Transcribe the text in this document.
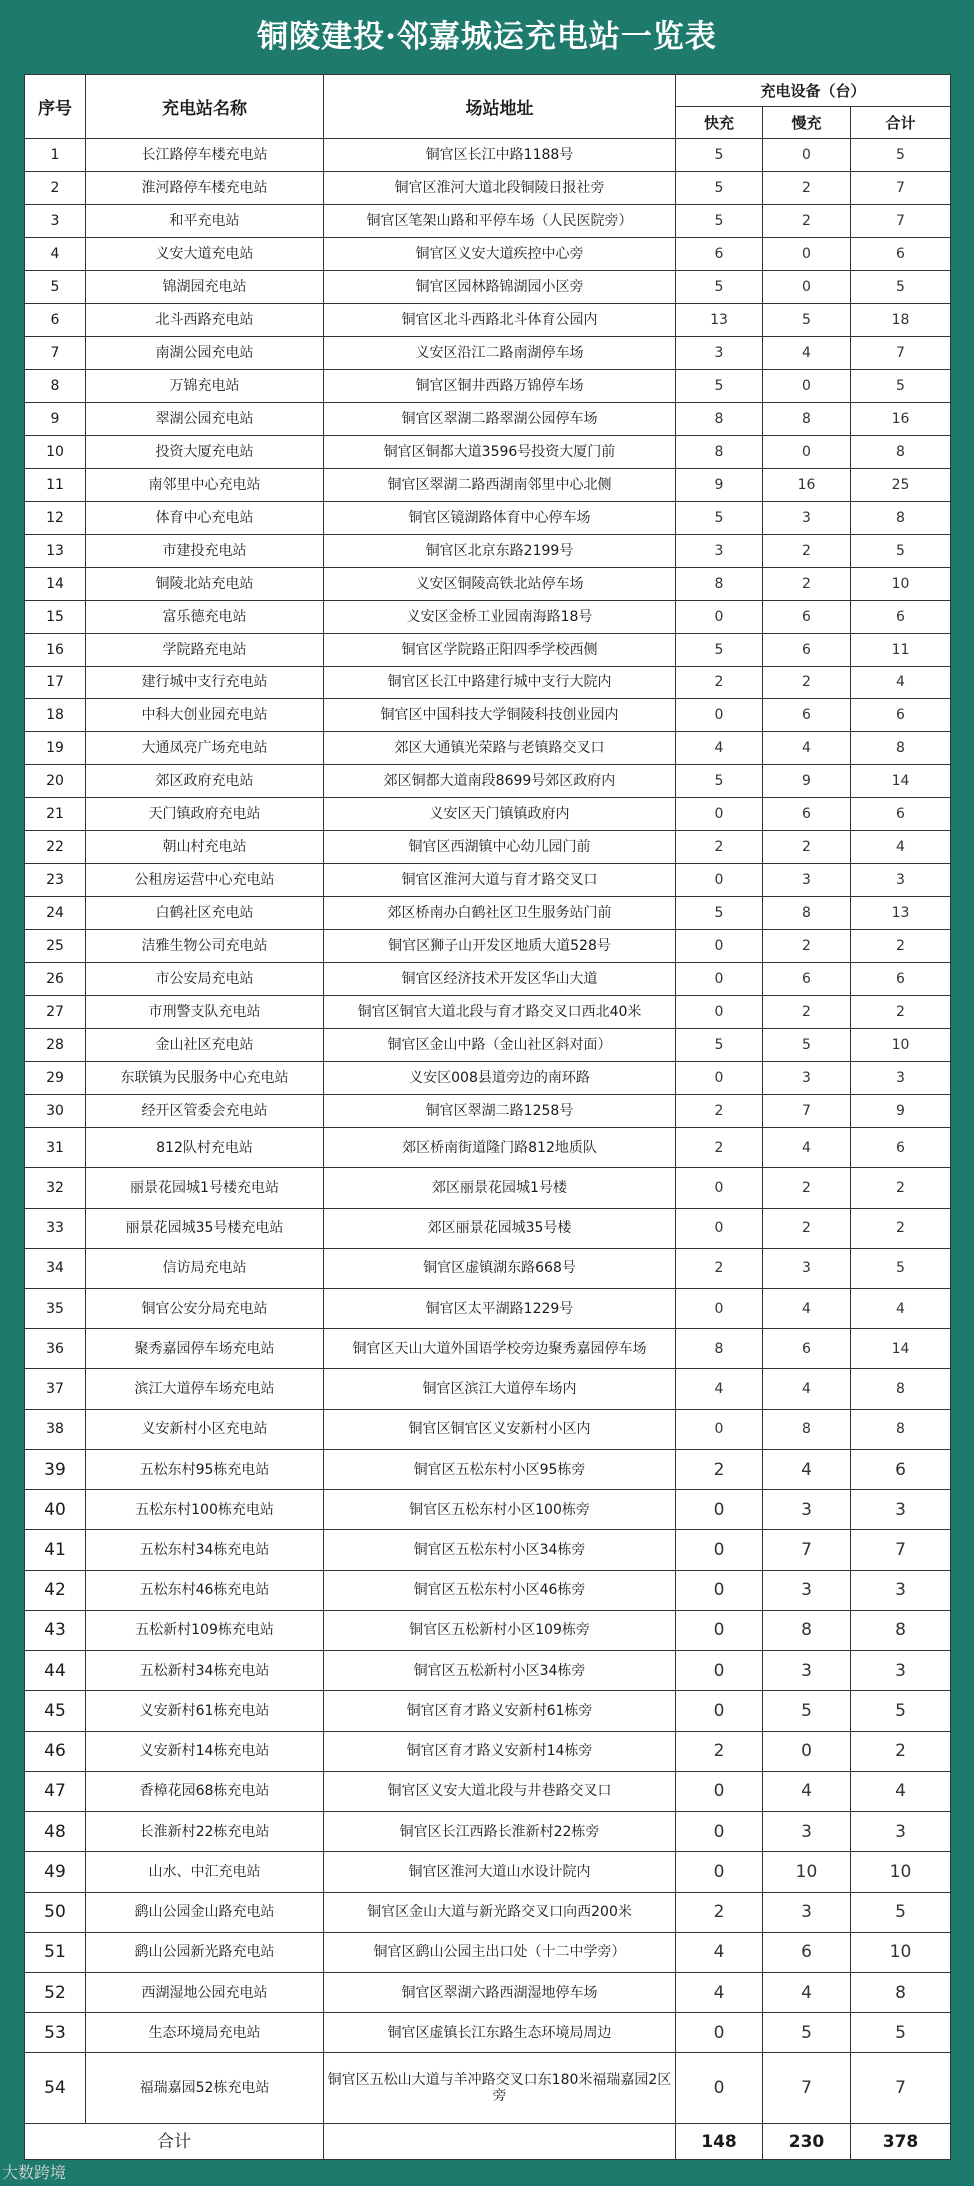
铜陵建投·邻嘉城运充电站一览表
序号	充电站名称	场站地址	充电设备（台）		
			快充	慢充	合计
1	长江路停车楼充电站	铜官区长江中路1188号	5	0	5
2	淮河路停车楼充电站	铜官区淮河大道北段铜陵日报社旁	5	2	7
3	和平充电站	铜官区笔架山路和平停车场（人民医院旁）	5	2	7
4	义安大道充电站	铜官区义安大道疾控中心旁	6	0	6
5	锦湖园充电站	铜官区园林路锦湖园小区旁	5	0	5
6	北斗西路充电站	铜官区北斗西路北斗体育公园内	13	5	18
7	南湖公园充电站	义安区沿江二路南湖停车场	3	4	7
8	万锦充电站	铜官区铜井西路万锦停车场	5	0	5
9	翠湖公园充电站	铜官区翠湖二路翠湖公园停车场	8	8	16
10	投资大厦充电站	铜官区铜都大道3596号投资大厦门前	8	0	8
11	南邻里中心充电站	铜官区翠湖二路西湖南邻里中心北侧	9	16	25
12	体育中心充电站	铜官区镜湖路体育中心停车场	5	3	8
13	市建投充电站	铜官区北京东路2199号	3	2	5
14	铜陵北站充电站	义安区铜陵高铁北站停车场	8	2	10
15	富乐德充电站	义安区金桥工业园南海路18号	0	6	6
16	学院路充电站	铜官区学院路正阳四季学校西侧	5	6	11
17	建行城中支行充电站	铜官区长江中路建行城中支行大院内	2	2	4
18	中科大创业园充电站	铜官区中国科技大学铜陵科技创业园内	0	6	6
19	大通凤亮广场充电站	郊区大通镇光荣路与老镇路交叉口	4	4	8
20	郊区政府充电站	郊区铜都大道南段8699号郊区政府内	5	9	14
21	天门镇政府充电站	义安区天门镇镇政府内	0	6	6
22	朝山村充电站	铜官区西湖镇中心幼儿园门前	2	2	4
23	公租房运营中心充电站	铜官区淮河大道与育才路交叉口	0	3	3
24	白鹤社区充电站	郊区桥南办白鹤社区卫生服务站门前	5	8	13
25	洁雅生物公司充电站	铜官区狮子山开发区地质大道528号	0	2	2
26	市公安局充电站	铜官区经济技术开发区华山大道	0	6	6
27	市刑警支队充电站	铜官区铜官大道北段与育才路交叉口西北40米	0	2	2
28	金山社区充电站	铜官区金山中路（金山社区斜对面）	5	5	10
29	东联镇为民服务中心充电站	义安区008县道旁边的南环路	0	3	3
30	经开区管委会充电站	铜官区翠湖二路1258号	2	7	9
31	812队村充电站	郊区桥南街道隆门路812地质队	2	4	6
32	丽景花园城1号楼充电站	郊区丽景花园城1号楼	0	2	2
33	丽景花园城35号楼充电站	郊区丽景花园城35号楼	0	2	2
34	信访局充电站	铜官区虚镇湖东路668号	2	3	5
35	铜官公安分局充电站	铜官区太平湖路1229号	0	4	4
36	聚秀嘉园停车场充电站	铜官区天山大道外国语学校旁边聚秀嘉园停车场	8	6	14
37	滨江大道停车场充电站	铜官区滨江大道停车场内	4	4	8
38	义安新村小区充电站	铜官区铜官区义安新村小区内	0	8	8
39	五松东村95栋充电站	铜官区五松东村小区95栋旁	2	4	6
40	五松东村100栋充电站	铜官区五松东村小区100栋旁	0	3	3
41	五松东村34栋充电站	铜官区五松东村小区34栋旁	0	7	7
42	五松东村46栋充电站	铜官区五松东村小区46栋旁	0	3	3
43	五松新村109栋充电站	铜官区五松新村小区109栋旁	0	8	8
44	五松新村34栋充电站	铜官区五松新村小区34栋旁	0	3	3
45	义安新村61栋充电站	铜官区育才路义安新村61栋旁	0	5	5
46	义安新村14栋充电站	铜官区育才路义安新村14栋旁	2	0	2
47	香樟花园68栋充电站	铜官区义安大道北段与井巷路交叉口	0	4	4
48	长淮新村22栋充电站	铜官区长江西路长淮新村22栋旁	0	3	3
49	山水、中汇充电站	铜官区淮河大道山水设计院内	0	10	10
50	鹞山公园金山路充电站	铜官区金山大道与新光路交叉口向西200米	2	3	5
51	鹞山公园新光路充电站	铜官区鹞山公园主出口处（十二中学旁）	4	6	10
52	西湖湿地公园充电站	铜官区翠湖六路西湖湿地停车场	4	4	8
53	生态环境局充电站	铜官区虚镇长江东路生态环境局周边	0	5	5
54	福瑞嘉园52栋充电站	铜官区五松山大道与羊冲路交叉口东180米福瑞嘉园2区旁	0	7	7
合计			148	230	378
大数跨境
